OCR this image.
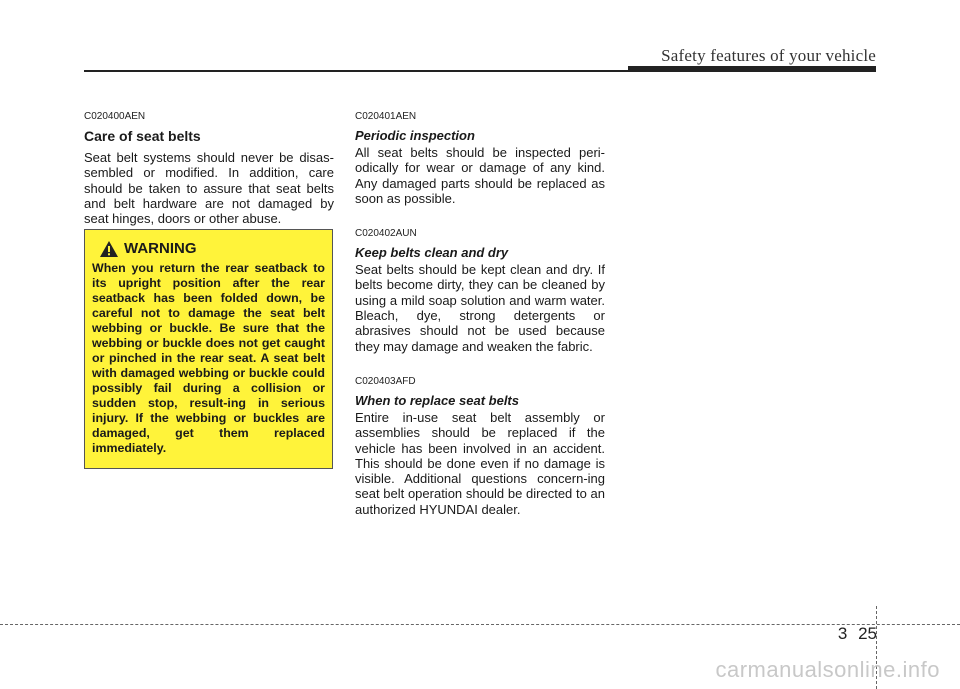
Safety features of your vehicle

C020400AEN

Care of seat belts

Seat belt systems should never be disas-sembled or modified. In addition, care should be taken to assure that seat belts and belt hardware are not damaged by seat hinges, doors or other abuse.

WARNING

When you return the rear seatback to its upright position after the rear seatback has been folded down, be careful not to damage the seat belt webbing or buckle. Be sure that the webbing or buckle does not get caught or pinched in the rear seat. A seat belt with damaged webbing or buckle could possibly fail during a collision or sudden stop, result-ing in serious injury. If the webbing or buckles are damaged, get them replaced immediately.

C020401AEN

Periodic inspection

All seat belts should be inspected peri-odically for wear or damage of any kind. Any damaged parts should be replaced as soon as possible.

C020402AUN

Keep belts clean and dry

Seat belts should be kept clean and dry. If belts become dirty, they can be cleaned by using a mild soap solution and warm water. Bleach, dye, strong detergents or abrasives should not be used because they may damage and weaken the fabric.

C020403AFD

When to replace seat belts

Entire in-use seat belt assembly or assemblies should be replaced if the vehicle has been involved in an accident. This should be done even if no damage is visible. Additional questions concern-ing seat belt operation should be directed to an authorized HYUNDAI dealer.

3 25
carmanualsonline.info
